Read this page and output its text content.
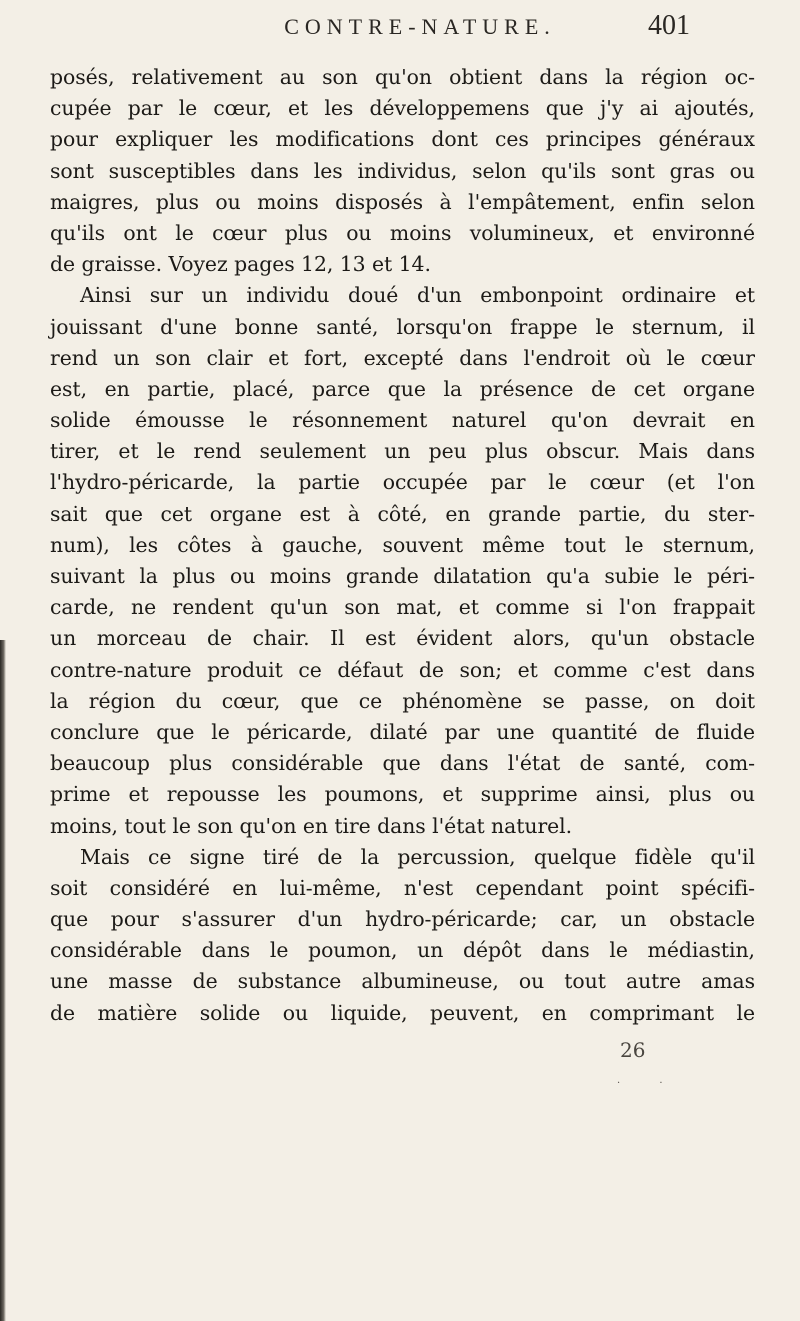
CONTRE-NATURE.	401
posés, relativement au son qu'on obtient dans la région oc-
cupée par le cœur, et les développemens que j'y ai ajoutés,
pour expliquer les modifications dont ces principes généraux
sont susceptibles dans les individus, selon qu'ils sont gras ou
maigres, plus ou moins disposés à l'empâtement, enfin selon
qu'ils ont le cœur plus ou moins volumineux, et environné
de graisse. Voyez pages 12, 13 et 14.
Ainsi sur un individu doué d'un embonpoint ordinaire et
jouissant d'une bonne santé, lorsqu'on frappe le sternum, il
rend un son clair et fort, excepté dans l'endroit où le cœur
est, en partie, placé, parce que la présence de cet organe
solide émousse le résonnement naturel qu'on devrait en
tirer, et le rend seulement un peu plus obscur. Mais dans
l'hydro-péricarde, la partie occupée par le cœur (et l'on
sait que cet organe est à côté, en grande partie, du ster-
num), les côtes à gauche, souvent même tout le sternum,
suivant la plus ou moins grande dilatation qu'a subie le péri-
carde, ne rendent qu'un son mat, et comme si l'on frappait
un morceau de chair. Il est évident alors, qu'un obstacle
contre-nature produit ce défaut de son; et comme c'est dans
la région du cœur, que ce phénomène se passe, on doit
conclure que le péricarde, dilaté par une quantité de fluide
beaucoup plus considérable que dans l'état de santé, com-
prime et repousse les poumons, et supprime ainsi, plus ou
moins, tout le son qu'on en tire dans l'état naturel.
Mais ce signe tiré de la percussion, quelque fidèle qu'il
soit considéré en lui-même, n'est cependant point spécifi-
que pour s'assurer d'un hydro-péricarde; car, un obstacle
considérable dans le poumon, un dépôt dans le médiastin,
une masse de substance albumineuse, ou tout autre amas
de matière solide ou liquide, peuvent, en comprimant le
26
· ·
